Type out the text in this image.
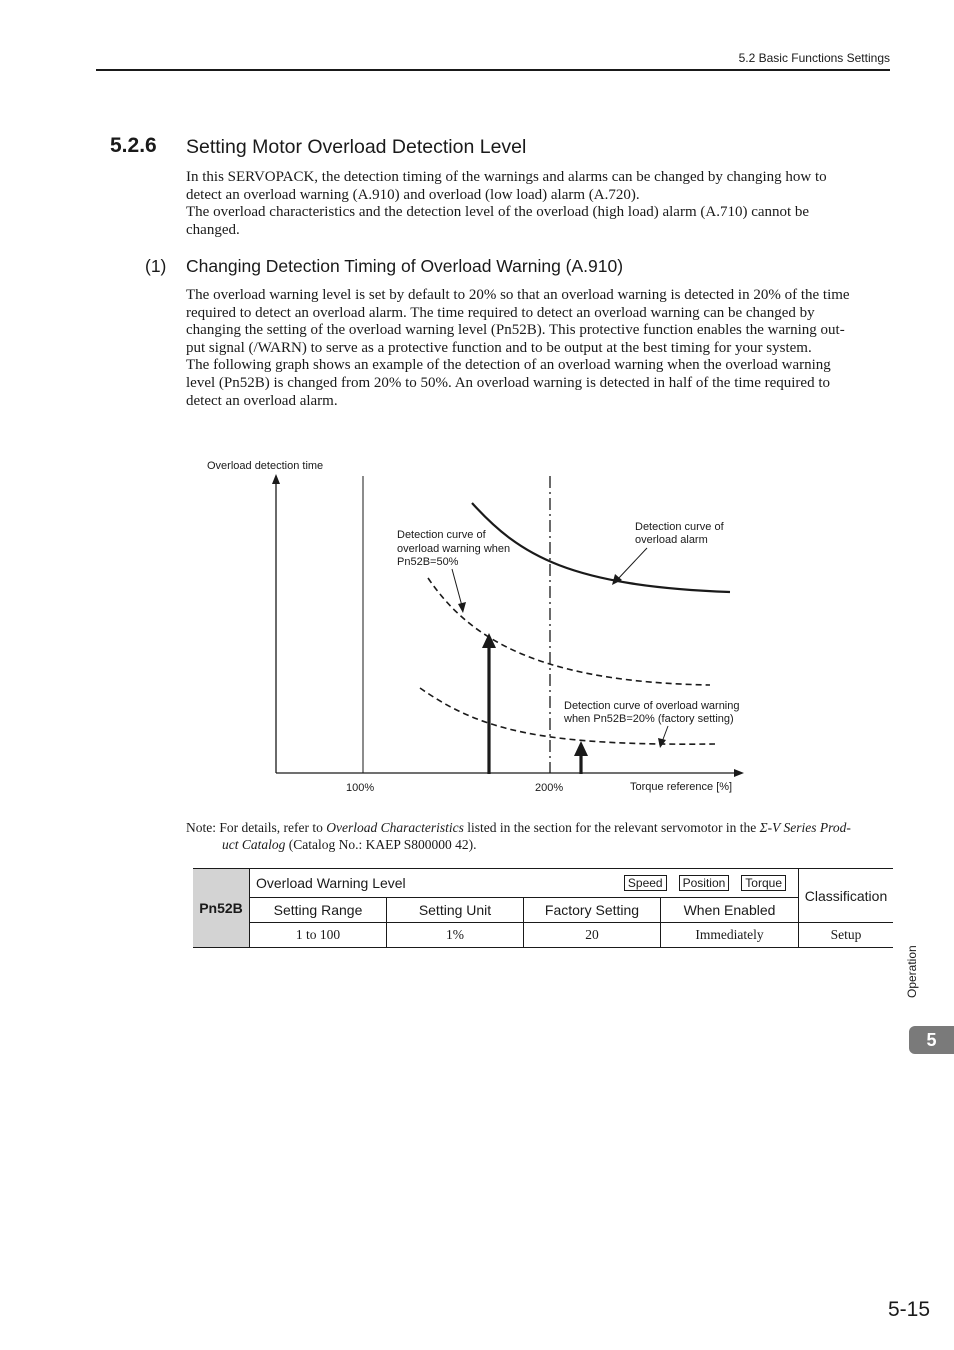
5.2 Basic Functions Settings
5.2.6 Setting Motor Overload Detection Level
In this SERVOPACK, the detection timing of the warnings and alarms can be changed by changing how to
detect an overload warning (A.910) and overload (low load) alarm (A.720).
The overload characteristics and the detection level of the overload (high load) alarm (A.710) cannot be
changed.
(1) Changing Detection Timing of Overload Warning (A.910)
The overload warning level is set by default to 20% so that an overload warning is detected in 20% of the time
required to detect an overload alarm. The time required to detect an overload warning can be changed by
changing the setting of the overload warning level (Pn52B). This protective function enables the warning out-
put signal (/WARN) to serve as a protective function and to be output at the best timing for your system.
The following graph shows an example of the detection of an overload warning when the overload warning
level (Pn52B) is changed from 20% to 50%. An overload warning is detected in half of the time required to
detect an overload alarm.
Overload detection time
Torque reference [%]
100%	200%
Detection curve of
overload warning when
Pn52B=50%
Detection curve of
overload alarm
Detection curve of overload warning
when Pn52B=20% (factory setting)
Note: For details, refer to Overload Characteristics listed in the section for the relevant servomotor in the Σ-V Series Prod-
uct Catalog (Catalog No.: KAEP S800000 42).
Pn52B	Overload Warning Level Speed Position Torque				Classification
	Setting Range	Setting Unit	Factory Setting	When Enabled	
	1 to 100	1%	20	Immediately	Setup
Operation
5
5-15
